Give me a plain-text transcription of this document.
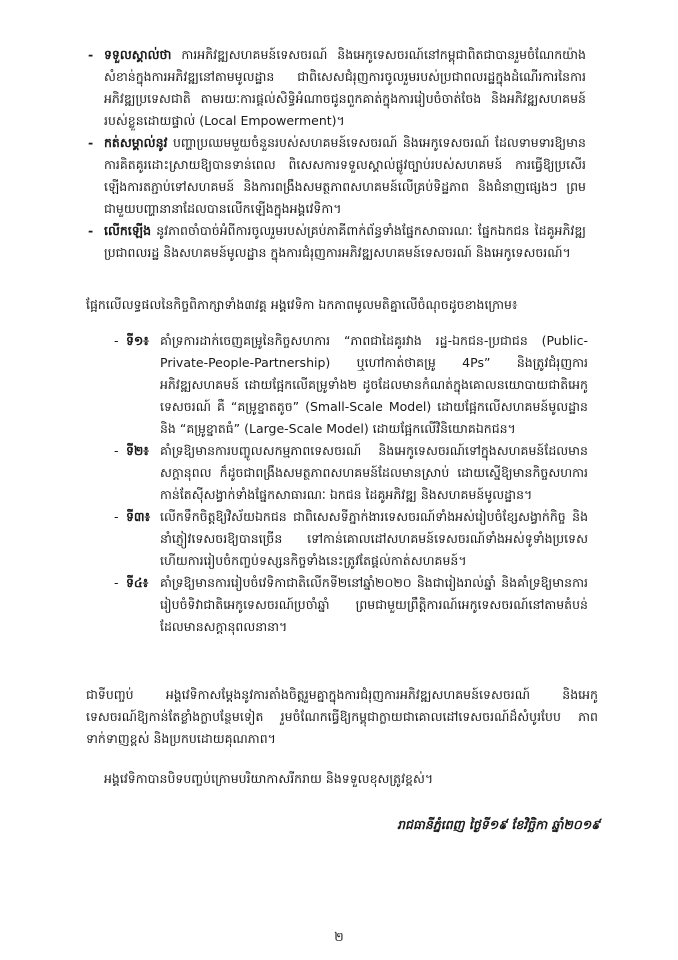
- ទទួលស្គាល់ថា ការអភិវឌ្ឍសហគមន៍ទេសចរណ៍ និងអេកូទេសចរណ៍នៅកម្ពុជាពិតជាបានរួមចំណែកយ៉ាងសំខាន់ក្នុងការអភិវឌ្ឍនៅតាមមូលដ្ឋាន ជាពិសេសជំរុញការចូលរួមរបស់ប្រជាពលរដ្ឋក្នុងដំណើរការនៃការអភិវឌ្ឍប្រទេសជាតិ តាមរយៈការផ្តល់សិទ្ធិអំណាចជូនពួកគាត់ក្នុងការរៀបចំចាត់ចែង និងអភិវឌ្ឍសហគមន៍របស់ខ្លួនដោយផ្ទាល់ (Local Empowerment)។
- កត់សម្គាល់នូវ បញ្ហាប្រឈមមួយចំនួនរបស់សហគមន៍ទេសចរណ៍ និងអេកូទេសចរណ៍ ដែលទាមទារឱ្យមានការគិតគូរដោះស្រាយឱ្យបានទាន់ពេល ពិសេសការទទួលស្គាល់ផ្លូវច្បាប់របស់សហគមន៍ ការធ្វើឱ្យប្រសើរឡើងការតភ្ជាប់ទៅសហគមន៍ និងការពង្រឹងសមត្ថភាពសហគមន៍លើគ្រប់ទិដ្ឋភាព និងជំនាញផ្សេងៗ ព្រមជាមួយបញ្ហានានាដែលបានលើកឡើងក្នុងអង្គវេទិកា។
- លើកឡើង នូវភាពចាំបាច់អំពីការចូលរួមរបស់គ្រប់ភាគីពាក់ព័ន្ធទាំងផ្នែកសាធារណៈ ផ្នែកឯកជន ដៃគូអភិវឌ្ឍ ប្រជាពលរដ្ឋ និងសហគមន៍មូលដ្ឋាន ក្នុងការជំរុញការអភិវឌ្ឍសហគមន៍ទេសចរណ៍ និងអេកូទេសចរណ៍។
ផ្អែកលើលទ្ធផលនៃកិច្ចពិភាក្សាទាំង៣វគ្គ អង្គវេទិកា ឯកភាពមូលមតិគ្នាលើចំណុចដូចខាងក្រោម៖
- ទី១៖ គាំទ្រការដាក់ចេញគម្រូនៃកិច្ចសហការ “ភាពជាដៃគូរវាង រដ្ឋ-ឯកជន-ប្រជាជន (Public-Private-People-Partnership) ឬហៅកាត់ថាគម្រូ 4Ps” និងត្រូវជំរុញការអភិវឌ្ឍសហគមន៍ ដោយផ្អែកលើគម្រូទាំង២ ដូចដែលមានកំណត់ក្នុងគោលនយោបាយជាតិអេកូទេសចរណ៍ គឺ “គម្រូខ្នាតតូច” (Small-Scale Model) ដោយផ្អែកលើសហគមន៍មូលដ្ឋាន និង “គម្រូខ្នាតធំ” (Large-Scale Model) ដោយផ្អែកលើវិនិយោគឯកជន។
- ទី២៖ គាំទ្រឱ្យមានការបញ្ចូលសកម្មភាពទេសចរណ៍ និងអេកូទេសចរណ៍ទៅក្នុងសហគមន៍ដែលមានសក្តានុពល ក៏ដូចជាពង្រឹងសមត្ថភាពសហគមន៍ដែលមានស្រាប់ ដោយស្នើឱ្យមានកិច្ចសហការកាន់តែស៊ីសង្វាក់ទាំងផ្នែកសាធារណៈ ឯកជន ដៃគូអភិវឌ្ឍ និងសហគមន៍មូលដ្ឋាន។
- ទី៣៖ លើកទឹកចិត្តឱ្យវិស័យឯកជន ជាពិសេសទីភ្នាក់ងារទេសចរណ៍ទាំងអស់រៀបចំខ្សែសង្វាក់កិច្ច និងនាំភ្ញៀវទេសចរឱ្យបានច្រើន ទៅកាន់គោលដៅសហគមន៍ទេសចរណ៍ទាំងអស់ទូទាំងប្រទេស ហើយការរៀបចំកញ្ចប់ទស្សនកិច្ចទាំងនេះត្រូវតែផ្តល់កាត់សហគមន៍។
- ទី៤៖ គាំទ្រឱ្យមានការរៀបចំវេទិកាជាតិលើកទី២នៅឆ្នាំ២០២០ និងជារៀងរាល់ឆ្នាំ និងគាំទ្រឱ្យមានការរៀបចំទិវាជាតិអេកូទេសចរណ៍ប្រចាំឆ្នាំ ព្រមជាមួយព្រឹត្តិការណ៍អេកូទេសចរណ៍នៅតាមតំបន់ដែលមានសក្តានុពលនានា។
ជាទីបញ្ចប់ អង្គវេទិកាសម្តែងនូវការតាំងចិត្តរួមគ្នាក្នុងការជំរុញការអភិវឌ្ឍសហគមន៍ទេសចរណ៍ និងអេកូទេសចរណ៍ឱ្យកាន់តែខ្លាំងក្លាបន្ថែមទៀត រួមចំណែកធ្វើឱ្យកម្ពុជាក្លាយជាគោលដៅទេសចរណ៍ដ៏សំបូរបែប ភាពទាក់ទាញខ្ពស់ និងប្រកបដោយគុណភាព។
អង្គវេទិកាបានបិទបញ្ចប់ក្រោមបរិយាកាសរីករាយ និងទទួលខុសត្រូវខ្ពស់។
រាជធានីភ្នំពេញ ថ្ងៃទី១៩ ខែវិច្ឆិកា ឆ្នាំ២០១៩
២
